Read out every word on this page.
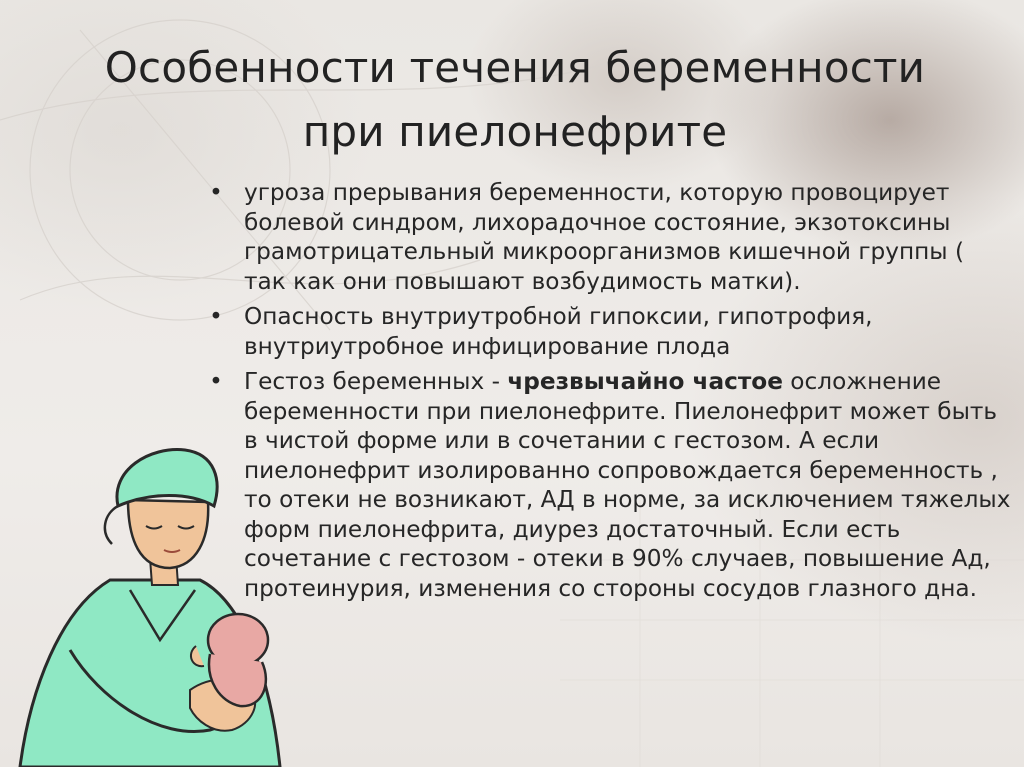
Особенности течения беременности
при пиелонефрите
• угроза прерывания беременности, которую провоцирует болевой синдром, лихорадочное состояние, экзотоксины грамотрицательный микроорганизмов кишечной группы ( так как они повышают возбудимость матки).
• Опасность внутриутробной гипоксии, гипотрофия, внутриутробное инфицирование плода
• Гестоз беременных - чрезвычайно частое осложнение беременности при пиелонефрите. Пиелонефрит может быть в чистой форме или в сочетании с гестозом. А если пиелонефрит изолированно сопровождается беременность , то отеки не возникают, АД в норме, за исключением тяжелых форм пиелонефрита, диурез достаточный. Если есть сочетание с гестозом - отеки в 90% случаев, повышение Ад, протеинурия, изменения со стороны сосудов глазного дна.
